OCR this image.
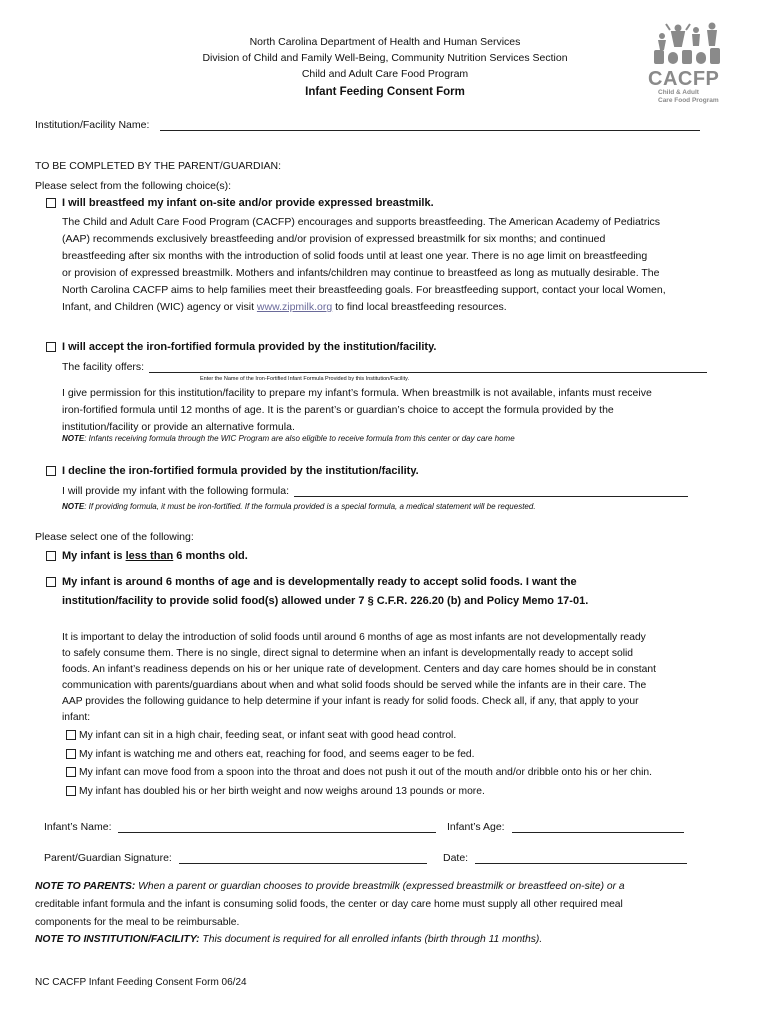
North Carolina Department of Health and Human Services
Division of Child and Family Well-Being, Community Nutrition Services Section
Child and Adult Care Food Program
Infant Feeding Consent Form
CACFP
Child & Adult
Care Food Program
Institution/Facility Name:
TO BE COMPLETED BY THE PARENT/GUARDIAN:
Please select from the following choice(s):
I will breastfeed my infant on-site and/or provide expressed breastmilk.
The Child and Adult Care Food Program (CACFP) encourages and supports breastfeeding. The American Academy of Pediatrics
(AAP) recommends exclusively breastfeeding and/or provision of expressed breastmilk for six months; and continued
breastfeeding after six months with the introduction of solid foods until at least one year. There is no age limit on breastfeeding
or provision of expressed breastmilk. Mothers and infants/children may continue to breastfeed as long as mutually desirable. The
North Carolina CACFP aims to help families meet their breastfeeding goals. For breastfeeding support, contact your local Women,
Infant, and Children (WIC) agency or visit www.zipmilk.org to find local breastfeeding resources.
I will accept the iron-fortified formula provided by the institution/facility.
The facility offers:
Enter the Name of the Iron-Fortified Infant Formula Provided by this Institution/Facility.
I give permission for this institution/facility to prepare my infant’s formula. When breastmilk is not available, infants must receive
iron-fortified formula until 12 months of age. It is the parent’s or guardian’s choice to accept the formula provided by the
institution/facility or provide an alternative formula.
NOTE: Infants receiving formula through the WIC Program are also eligible to receive formula from this center or day care home
I decline the iron-fortified formula provided by the institution/facility.
I will provide my infant with the following formula:
NOTE: If providing formula, it must be iron-fortified. If the formula provided is a special formula, a medical statement will be requested.
Please select one of the following:
My infant is less than 6 months old.
My infant is around 6 months of age and is developmentally ready to accept solid foods. I want the
institution/facility to provide solid food(s) allowed under 7 § C.F.R. 226.20 (b) and Policy Memo 17-01.
It is important to delay the introduction of solid foods until around 6 months of age as most infants are not developmentally ready
to safely consume them. There is no single, direct signal to determine when an infant is developmentally ready to accept solid
foods. An infant’s readiness depends on his or her unique rate of development. Centers and day care homes should be in constant
communication with parents/guardians about when and what solid foods should be served while the infants are in their care. The
AAP provides the following guidance to help determine if your infant is ready for solid foods. Check all, if any, that apply to your
infant:
My infant can sit in a high chair, feeding seat, or infant seat with good head control.
My infant is watching me and others eat, reaching for food, and seems eager to be fed.
My infant can move food from a spoon into the throat and does not push it out of the mouth and/or dribble onto his or her chin.
My infant has doubled his or her birth weight and now weighs around 13 pounds or more.
Infant’s Name:	Infant’s Age:
Parent/Guardian Signature:	Date:
NOTE TO PARENTS: When a parent or guardian chooses to provide breastmilk (expressed breastmilk or breastfeed on-site) or a
creditable infant formula and the infant is consuming solid foods, the center or day care home must supply all other required meal
components for the meal to be reimbursable.
NOTE TO INSTITUTION/FACILITY: This document is required for all enrolled infants (birth through 11 months).
NC CACFP Infant Feeding Consent Form 06/24
